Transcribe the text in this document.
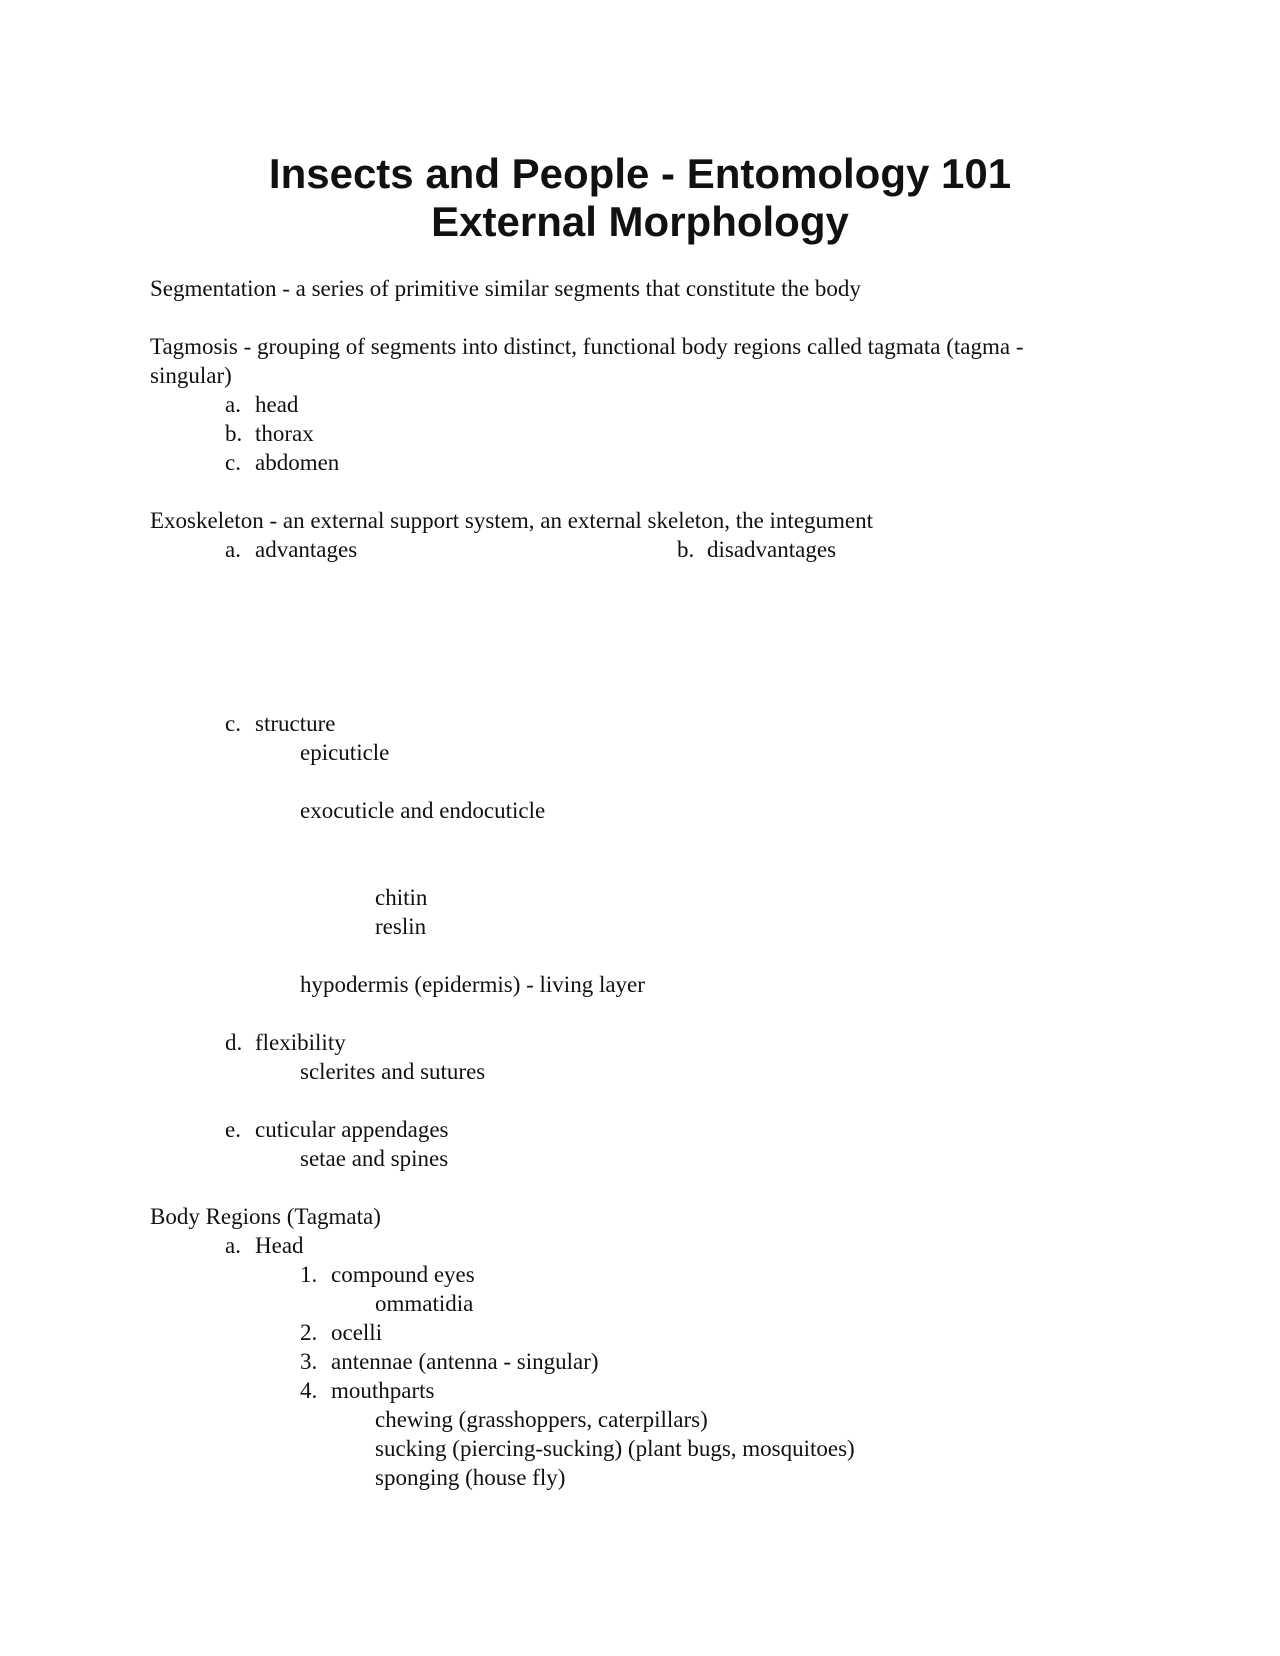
Insects and People - Entomology 101
External Morphology
Segmentation - a series of primitive similar segments that constitute the body
Tagmosis - grouping of segments into distinct, functional body regions called tagmata (tagma -
singular)
a. head
b. thorax
c. abdomen
Exoskeleton - an external support system, an external skeleton, the integument
a. advantages	b. disadvantages
c. structure
epicuticle
exocuticle and endocuticle
chitin
reslin
hypodermis (epidermis) - living layer
d. flexibility
sclerites and sutures
e. cuticular appendages
setae and spines
Body Regions (Tagmata)
a. Head
1. compound eyes
ommatidia
2. ocelli
3. antennae (antenna - singular)
4. mouthparts
chewing (grasshoppers, caterpillars)
sucking (piercing-sucking) (plant bugs, mosquitoes)
sponging (house fly)
